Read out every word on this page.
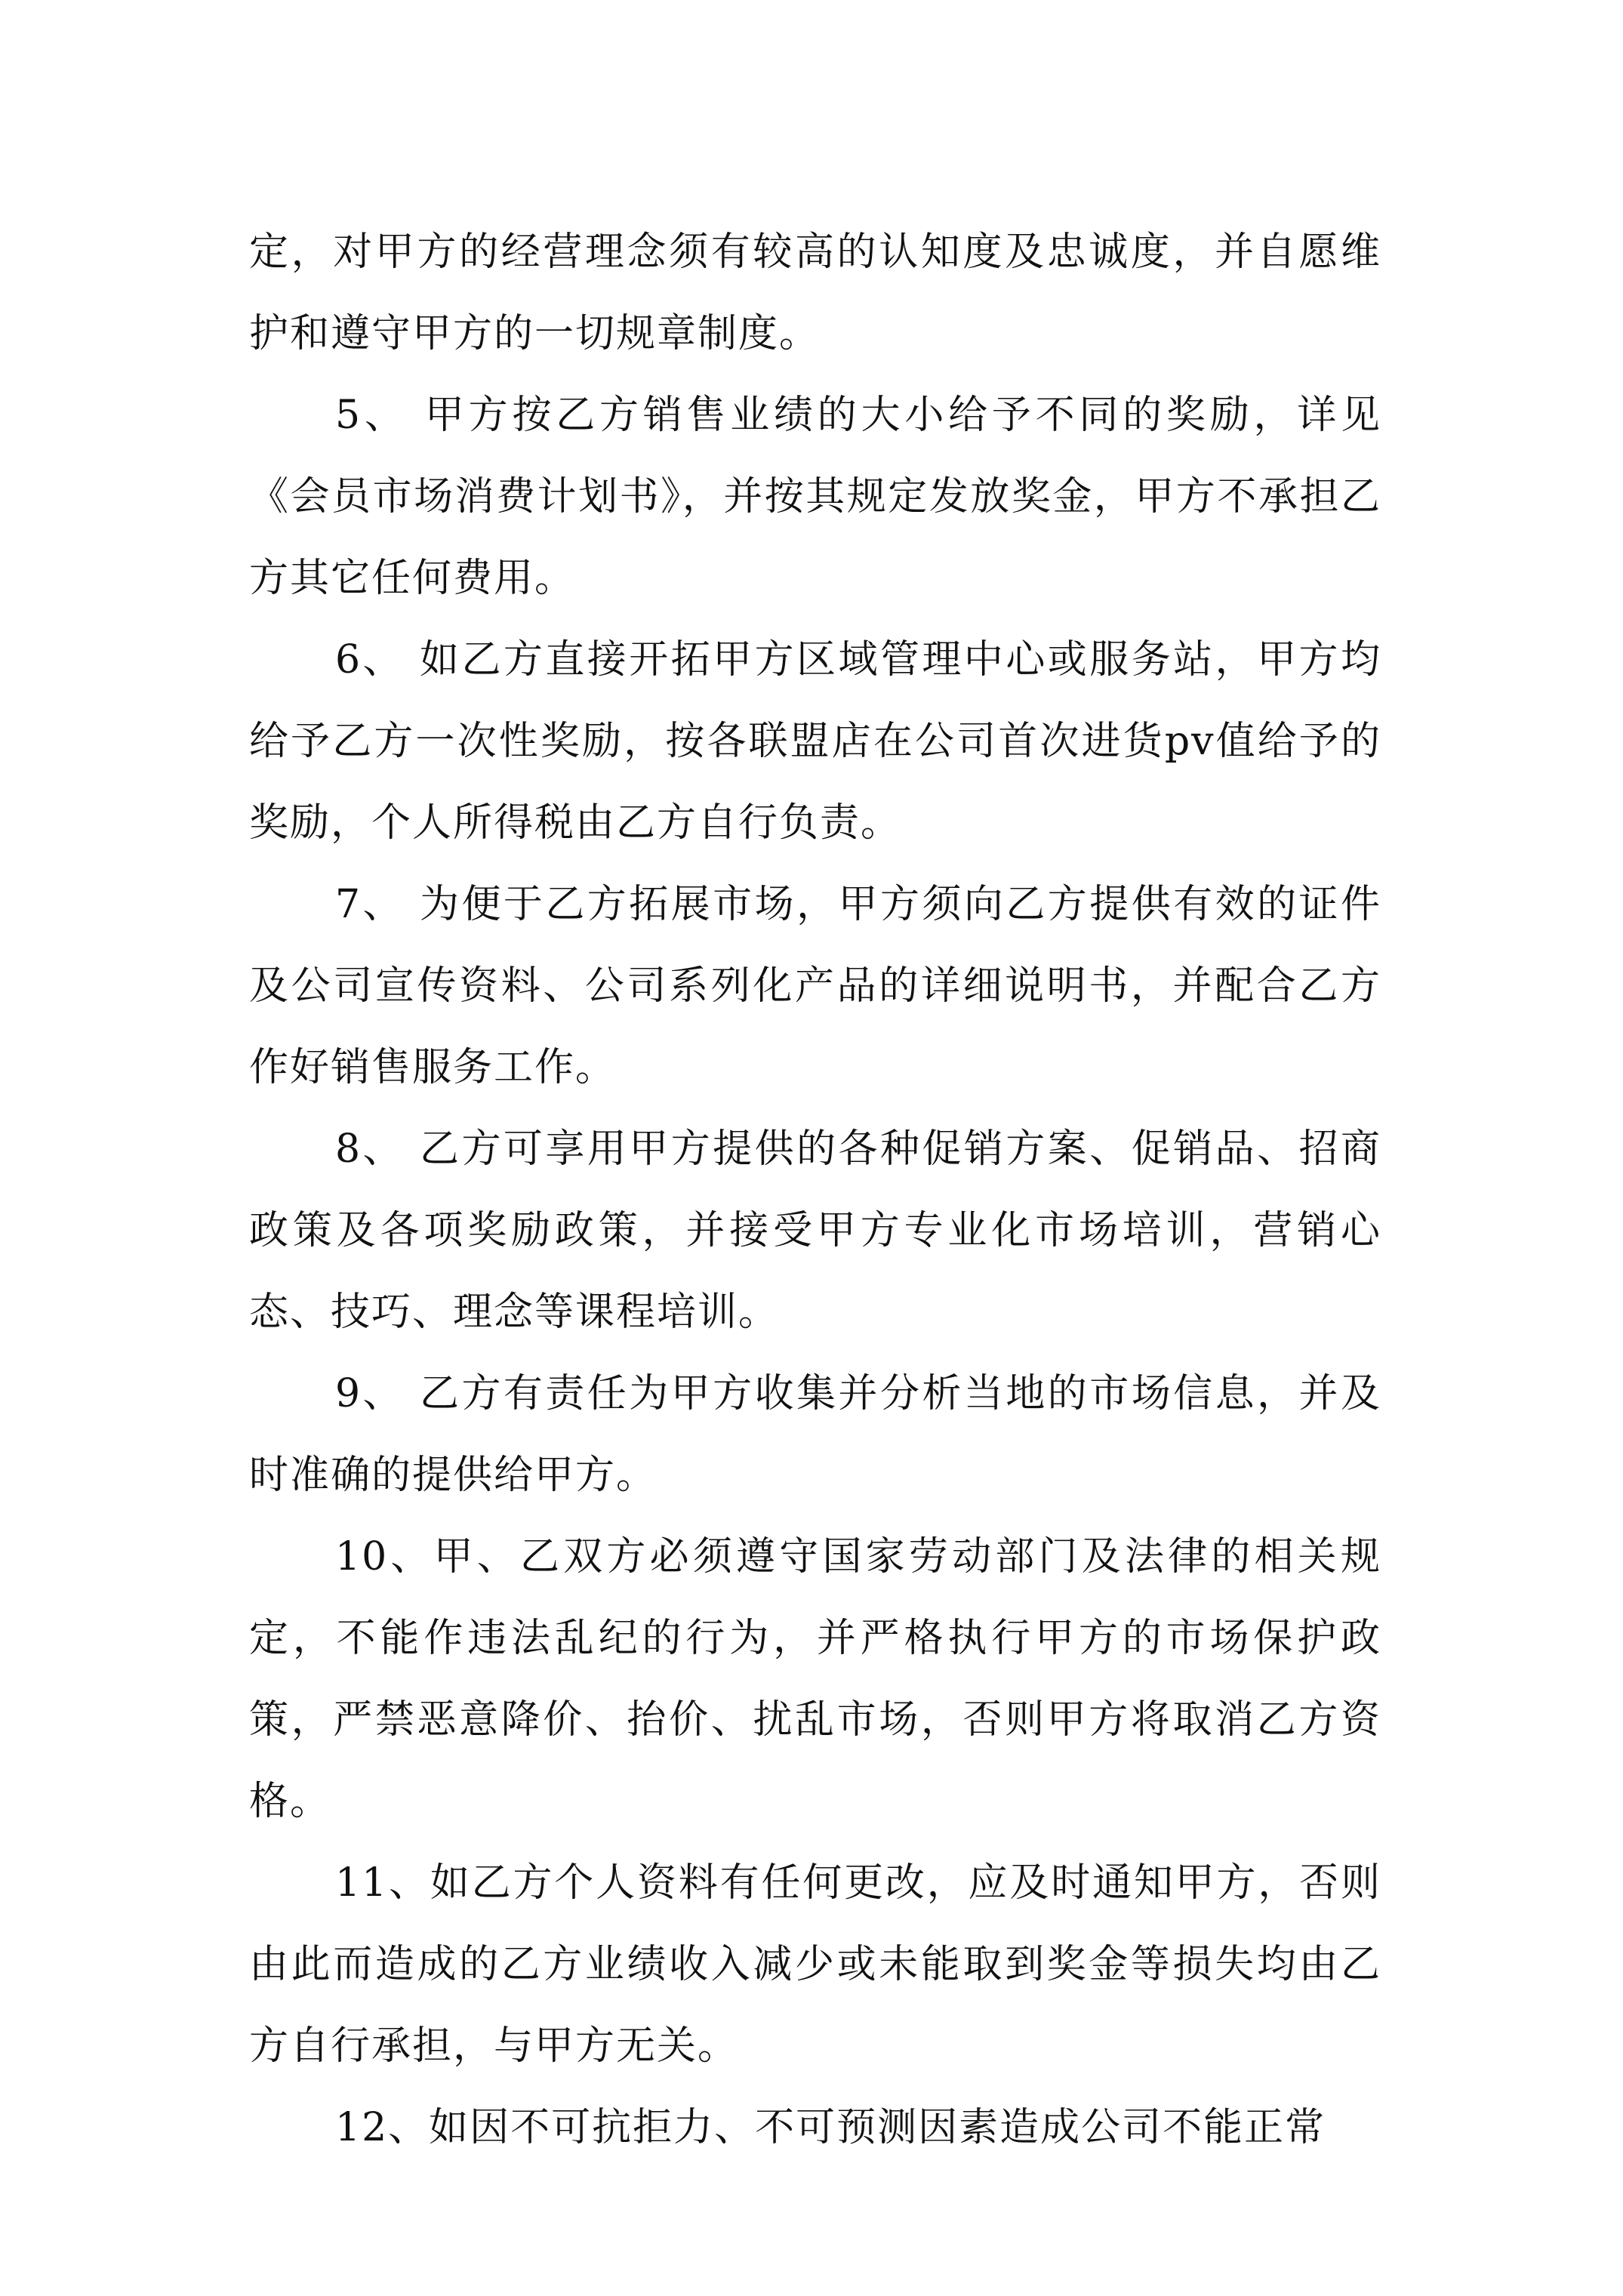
定，对甲方的经营理念须有较高的认知度及忠诚度，并自愿维护和遵守甲方的一切规章制度。

5、 甲方按乙方销售业绩的大小给予不同的奖励，详见《会员市场消费计划书》，并按其规定发放奖金，甲方不承担乙方其它任何费用。

6、 如乙方直接开拓甲方区域管理中心或服务站，甲方均给予乙方一次性奖励，按各联盟店在公司首次进货pv值给予的奖励，个人所得税由乙方自行负责。

7、 为便于乙方拓展市场，甲方须向乙方提供有效的证件及公司宣传资料、公司系列化产品的详细说明书，并配合乙方作好销售服务工作。

8、 乙方可享用甲方提供的各种促销方案、促销品、招商政策及各项奖励政策，并接受甲方专业化市场培训，营销心态、技巧、理念等课程培训。

9、 乙方有责任为甲方收集并分析当地的市场信息，并及时准确的提供给甲方。

10、甲、乙双方必须遵守国家劳动部门及法律的相关规定，不能作违法乱纪的行为，并严格执行甲方的市场保护政策，严禁恶意降价、抬价、扰乱市场，否则甲方将取消乙方资格。

11、如乙方个人资料有任何更改，应及时通知甲方，否则由此而造成的乙方业绩收入减少或未能取到奖金等损失均由乙方自行承担，与甲方无关。

12、如因不可抗拒力、不可预测因素造成公司不能正常
